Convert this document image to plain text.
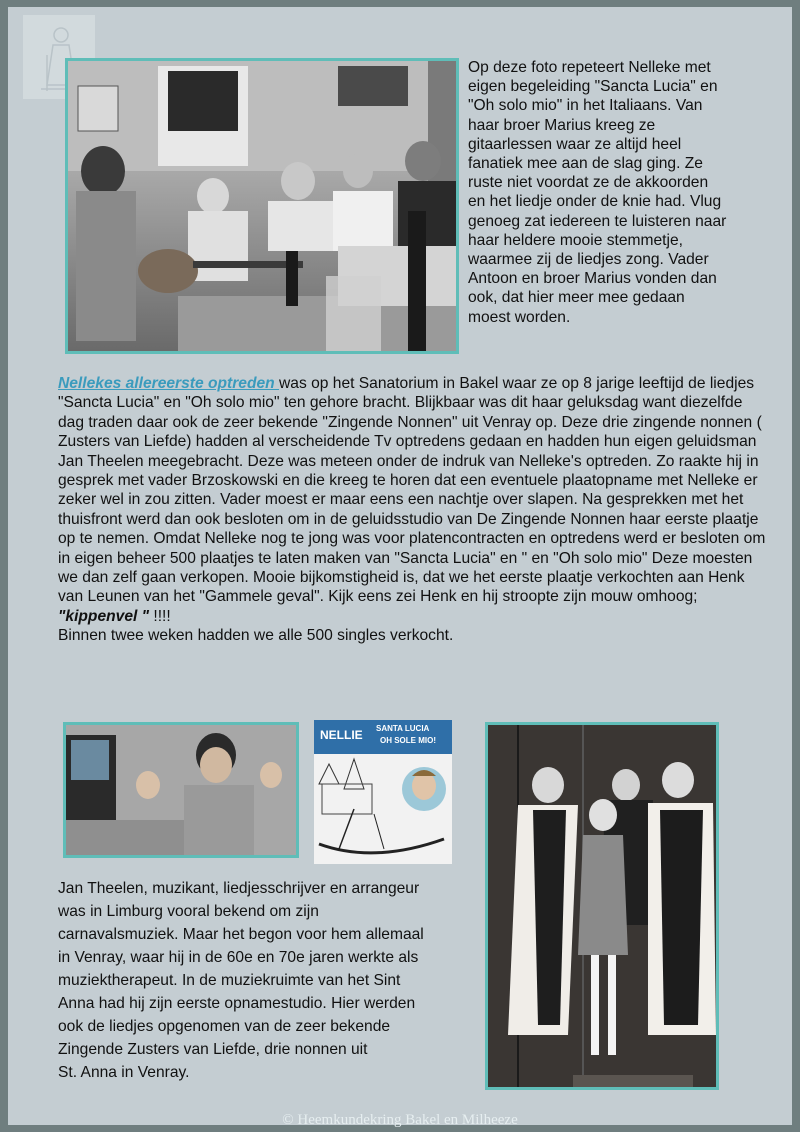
Op deze foto repeteert Nelleke met eigen begeleiding "Sancta Lucia" en "Oh solo mio" in het Italiaans. Van haar broer Marius kreeg ze gitaarlessen waar ze altijd heel fanatiek mee aan de slag ging. Ze ruste niet voordat ze de akkoorden en het liedje onder de knie had. Vlug genoeg zat iedereen te luisteren naar haar heldere mooie stemmetje, waarmee zij de liedjes zong. Vader Antoon en broer Marius vonden dan ook, dat hier meer mee gedaan moest worden.

Nellekes allereerste optreden was op het Sanatorium in Bakel waar ze op 8 jarige leeftijd de liedjes "Sancta Lucia" en "Oh solo mio" ten gehore bracht. Blijkbaar was dit haar geluksdag want diezelfde dag traden daar ook de zeer bekende "Zingende Nonnen" uit Venray op. Deze drie zingende nonnen ( Zusters van Liefde) hadden al verscheidende Tv optredens gedaan en hadden hun eigen geluidsman Jan Theelen meegebracht. Deze was meteen onder de indruk van Nelleke's optreden. Zo raakte hij in gesprek met vader Brzoskowski en die kreeg te horen dat een eventuele plaatopname met Nelleke er zeker wel in zou zitten. Vader moest er maar eens een nachtje over slapen. Na gesprekken met het thuisfront werd dan ook besloten om in de geluidsstudio van De Zingende Nonnen haar eerste plaatje op te nemen. Omdat Nelleke nog te jong was voor platencontracten en optredens werd er besloten om in eigen beheer 500 plaatjes te laten maken van "Sancta Lucia" en " en "Oh solo mio" Deze moesten we dan zelf gaan verkopen. Mooie bijkomstigheid is, dat we het eerste plaatje verkochten aan Henk van Leunen van het "Gammele geval". Kijk eens zei Henk en hij stroopte zijn mouw omhoog; "kippenvel " !!!!

Binnen twee weken hadden we alle 500 singles verkocht.

NELLIE SANTA LUCIA
OH SOLE MIO!
Jan Theelen, muzikant, liedjesschrijver en arrangeur
was in Limburg vooral bekend om zijn
carnavalsmuziek. Maar het begon voor hem allemaal
in Venray, waar hij in de 60e en 70e jaren werkte als
muziektherapeut. In de muziekruimte van het Sint
Anna had hij zijn eerste opnamestudio. Hier werden
ook de liedjes opgenomen van de zeer bekende
Zingende Zusters van Liefde, drie nonnen uit
St. Anna in Venray.
© Heemkundekring Bakel en Milheeze
